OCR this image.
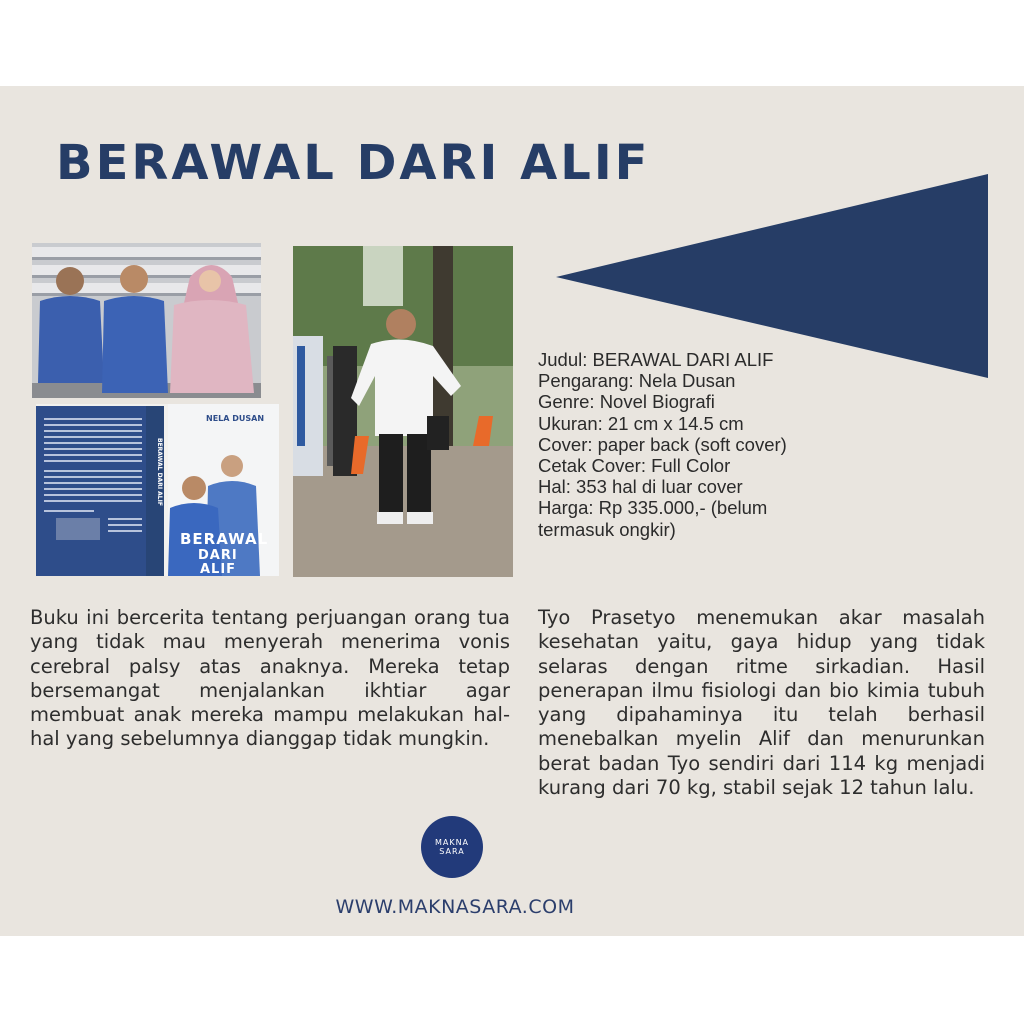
BERAWAL DARI ALIF
BERAWAL DARI ALIF
NELA DUSAN
BERAWAL
DARI
ALIF
Judul: BERAWAL DARI ALIF
Pengarang: Nela Dusan
Genre: Novel Biografi
Ukuran: 21 cm x 14.5 cm
Cover: paper back (soft cover)
Cetak Cover: Full Color
Hal: 353 hal di luar cover
Harga: Rp 335.000,- (belum termasuk ongkir)

Buku ini bercerita tentang perjuangan orang tua yang tidak mau menyerah menerima vonis cerebral palsy atas anaknya. Mereka tetap bersemangat menjalankan ikhtiar agar membuat anak mereka mampu melakukan hal-hal yang sebelumnya dianggap tidak mungkin.

Tyo Prasetyo menemukan akar masalah kesehatan yaitu, gaya hidup yang tidak selaras dengan ritme sirkadian. Hasil penerapan ilmu fisiologi dan bio kimia tubuh yang dipahaminya itu telah berhasil menebalkan myelin Alif dan menurunkan berat badan Tyo sendiri dari 114 kg menjadi kurang dari 70 kg, stabil sejak 12 tahun lalu.

MAKNA
SARA
WWW.MAKNASARA.COM
